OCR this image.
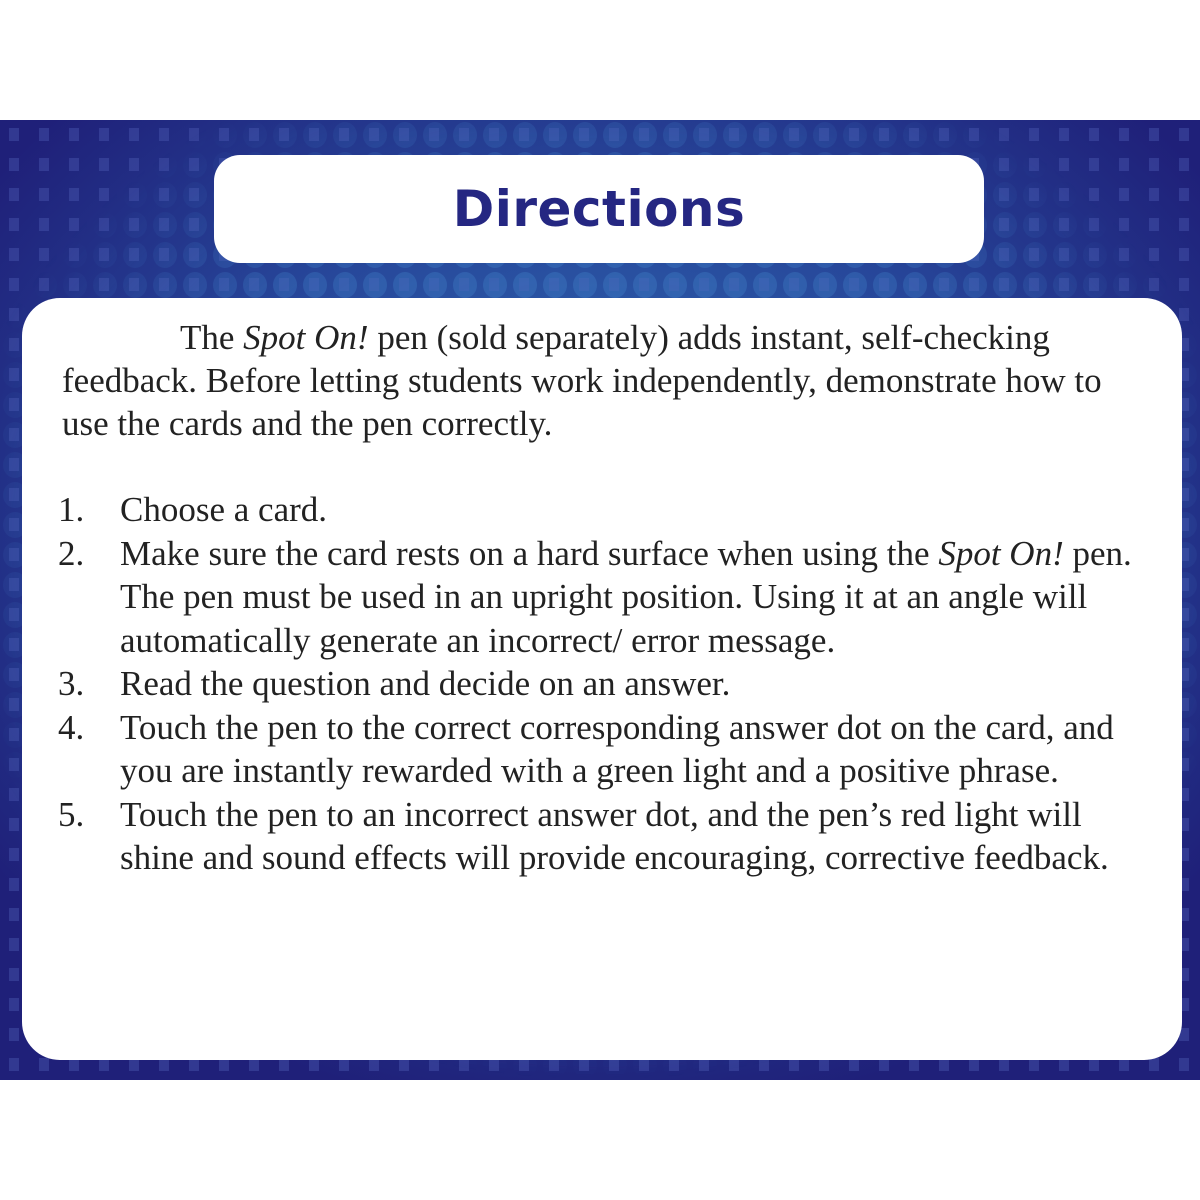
Directions

The Spot On! pen (sold separately) adds instant, self-checking feedback. Before letting students work independently, demonstrate how to use the cards and the pen correctly.

1. Choose a card.
2. Make sure the card rests on a hard surface when using the Spot On! pen. The pen must be used in an upright position. Using it at an angle will automatically generate an incorrect/ error message.
3. Read the question and decide on an answer.
4. Touch the pen to the correct corresponding answer dot on the card, and you are instantly rewarded with a green light and a positive phrase.
5. Touch the pen to an incorrect answer dot, and the pen’s red light will shine and sound effects will provide encouraging, corrective feedback.
